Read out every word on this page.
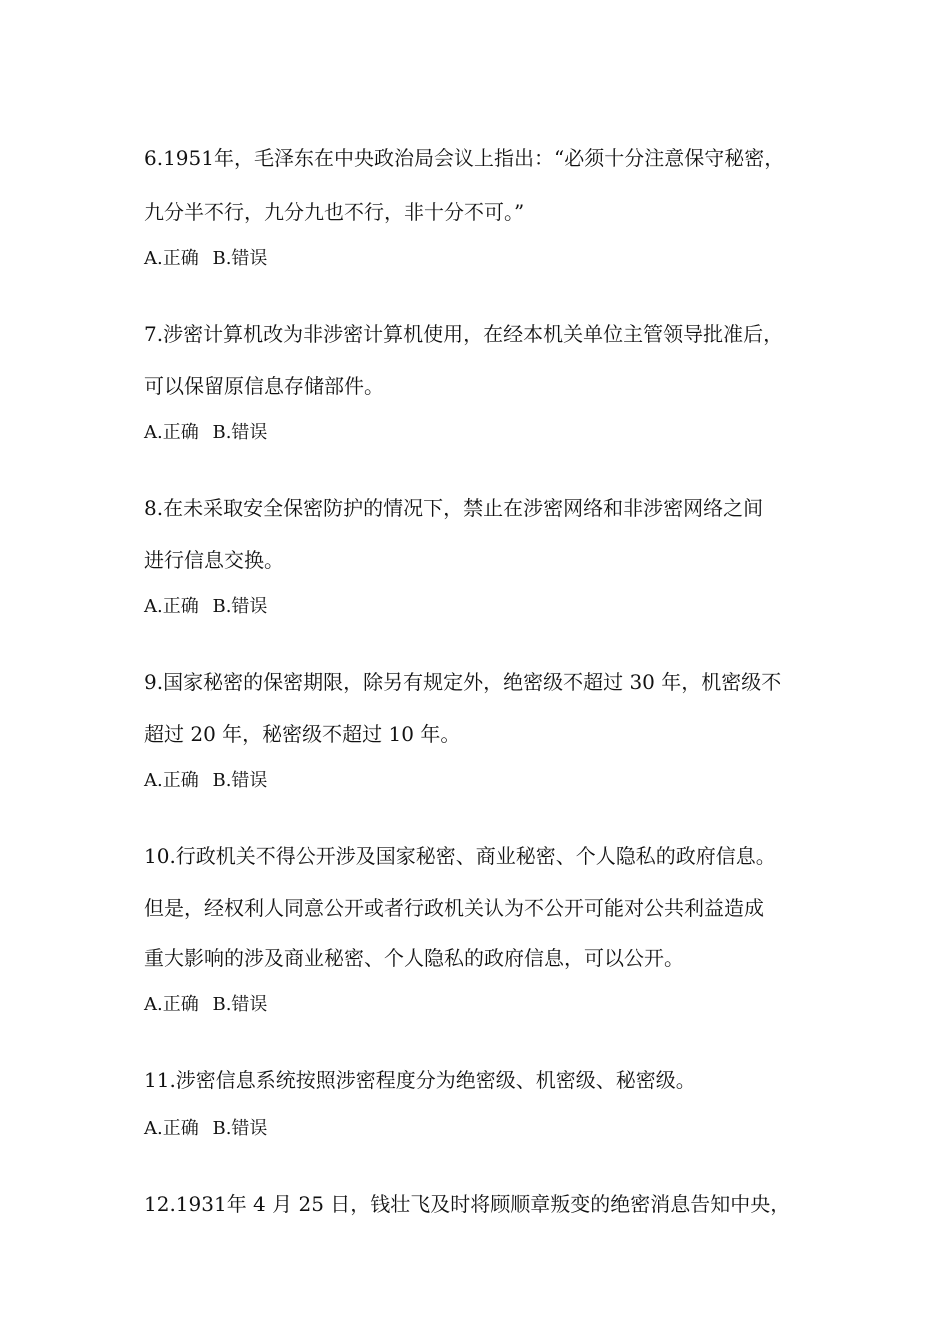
6.1951年，毛泽东在中央政治局会议上指出：“必须十分注意保守秘密，
九分半不行，九分九也不行，非十分不可。”
A.正确 B.错误
7.涉密计算机改为非涉密计算机使用，在经本机关单位主管领导批准后，
可以保留原信息存储部件。
A.正确 B.错误
8.在未采取安全保密防护的情况下，禁止在涉密网络和非涉密网络之间
进行信息交换。
A.正确 B.错误
9.国家秘密的保密期限，除另有规定外，绝密级不超过 30 年，机密级不
超过 20 年，秘密级不超过 10 年。
A.正确 B.错误
10.行政机关不得公开涉及国家秘密、商业秘密、个人隐私的政府信息。
但是，经权利人同意公开或者行政机关认为不公开可能对公共利益造成
重大影响的涉及商业秘密、个人隐私的政府信息，可以公开。
A.正确 B.错误
11.涉密信息系统按照涉密程度分为绝密级、机密级、秘密级。
A.正确 B.错误
12.1931年 4 月 25 日，钱壮飞及时将顾顺章叛变的绝密消息告知中央，
